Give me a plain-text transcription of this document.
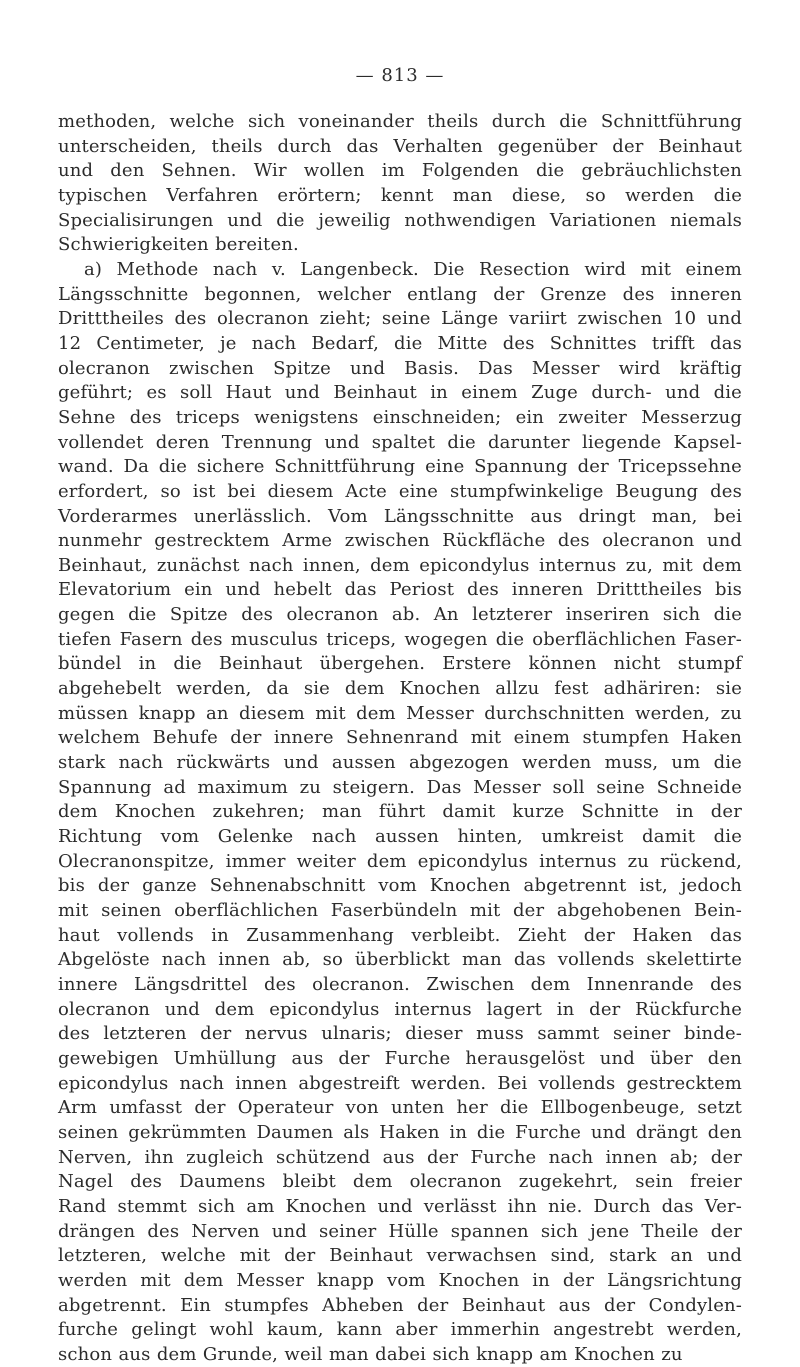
— 813 —
methoden, welche sich voneinander theils durch die Schnittführung
unterscheiden, theils durch das Verhalten gegenüber der Beinhaut
und den Sehnen. Wir wollen im Folgenden die gebräuchlichsten
typischen Verfahren erörtern; kennt man diese, so werden die
Specialisirungen und die jeweilig nothwendigen Variationen niemals
Schwierigkeiten bereiten.
a) Methode nach v. Langenbeck. Die Resection wird mit einem
Längsschnitte begonnen, welcher entlang der Grenze des inneren
Dritttheiles des olecranon zieht; seine Länge variirt zwischen 10 und
12 Centimeter, je nach Bedarf, die Mitte des Schnittes trifft das
olecranon zwischen Spitze und Basis. Das Messer wird kräftig
geführt; es soll Haut und Beinhaut in einem Zuge durch- und die
Sehne des triceps wenigstens einschneiden; ein zweiter Messerzug
vollendet deren Trennung und spaltet die darunter liegende Kapsel-
wand. Da die sichere Schnittführung eine Spannung der Tricepssehne
erfordert, so ist bei diesem Acte eine stumpfwinkelige Beugung des
Vorderarmes unerlässlich. Vom Längsschnitte aus dringt man, bei
nunmehr gestrecktem Arme zwischen Rückfläche des olecranon und
Beinhaut, zunächst nach innen, dem epicondylus internus zu, mit dem
Elevatorium ein und hebelt das Periost des inneren Dritttheiles bis
gegen die Spitze des olecranon ab. An letzterer inseriren sich die
tiefen Fasern des musculus triceps, wogegen die oberflächlichen Faser-
bündel in die Beinhaut übergehen. Erstere können nicht stumpf
abgehebelt werden, da sie dem Knochen allzu fest adhäriren: sie
müssen knapp an diesem mit dem Messer durchschnitten werden, zu
welchem Behufe der innere Sehnenrand mit einem stumpfen Haken
stark nach rückwärts und aussen abgezogen werden muss, um die
Spannung ad maximum zu steigern. Das Messer soll seine Schneide
dem Knochen zukehren; man führt damit kurze Schnitte in der
Richtung vom Gelenke nach aussen hinten, umkreist damit die
Olecranonspitze, immer weiter dem epicondylus internus zu rückend,
bis der ganze Sehnenabschnitt vom Knochen abgetrennt ist, jedoch
mit seinen oberflächlichen Faserbündeln mit der abgehobenen Bein-
haut vollends in Zusammenhang verbleibt. Zieht der Haken das
Abgelöste nach innen ab, so überblickt man das vollends skelettirte
innere Längsdrittel des olecranon. Zwischen dem Innenrande des
olecranon und dem epicondylus internus lagert in der Rückfurche
des letzteren der nervus ulnaris; dieser muss sammt seiner binde-
gewebigen Umhüllung aus der Furche herausgelöst und über den
epicondylus nach innen abgestreift werden. Bei vollends gestrecktem
Arm umfasst der Operateur von unten her die Ellbogenbeuge, setzt
seinen gekrümmten Daumen als Haken in die Furche und drängt den
Nerven, ihn zugleich schützend aus der Furche nach innen ab; der
Nagel des Daumens bleibt dem olecranon zugekehrt, sein freier
Rand stemmt sich am Knochen und verlässt ihn nie. Durch das Ver-
drängen des Nerven und seiner Hülle spannen sich jene Theile der
letzteren, welche mit der Beinhaut verwachsen sind, stark an und
werden mit dem Messer knapp vom Knochen in der Längsrichtung
abgetrennt. Ein stumpfes Abheben der Beinhaut aus der Condylen-
furche gelingt wohl kaum, kann aber immerhin angestrebt werden,
schon aus dem Grunde, weil man dabei sich knapp am Knochen zu
